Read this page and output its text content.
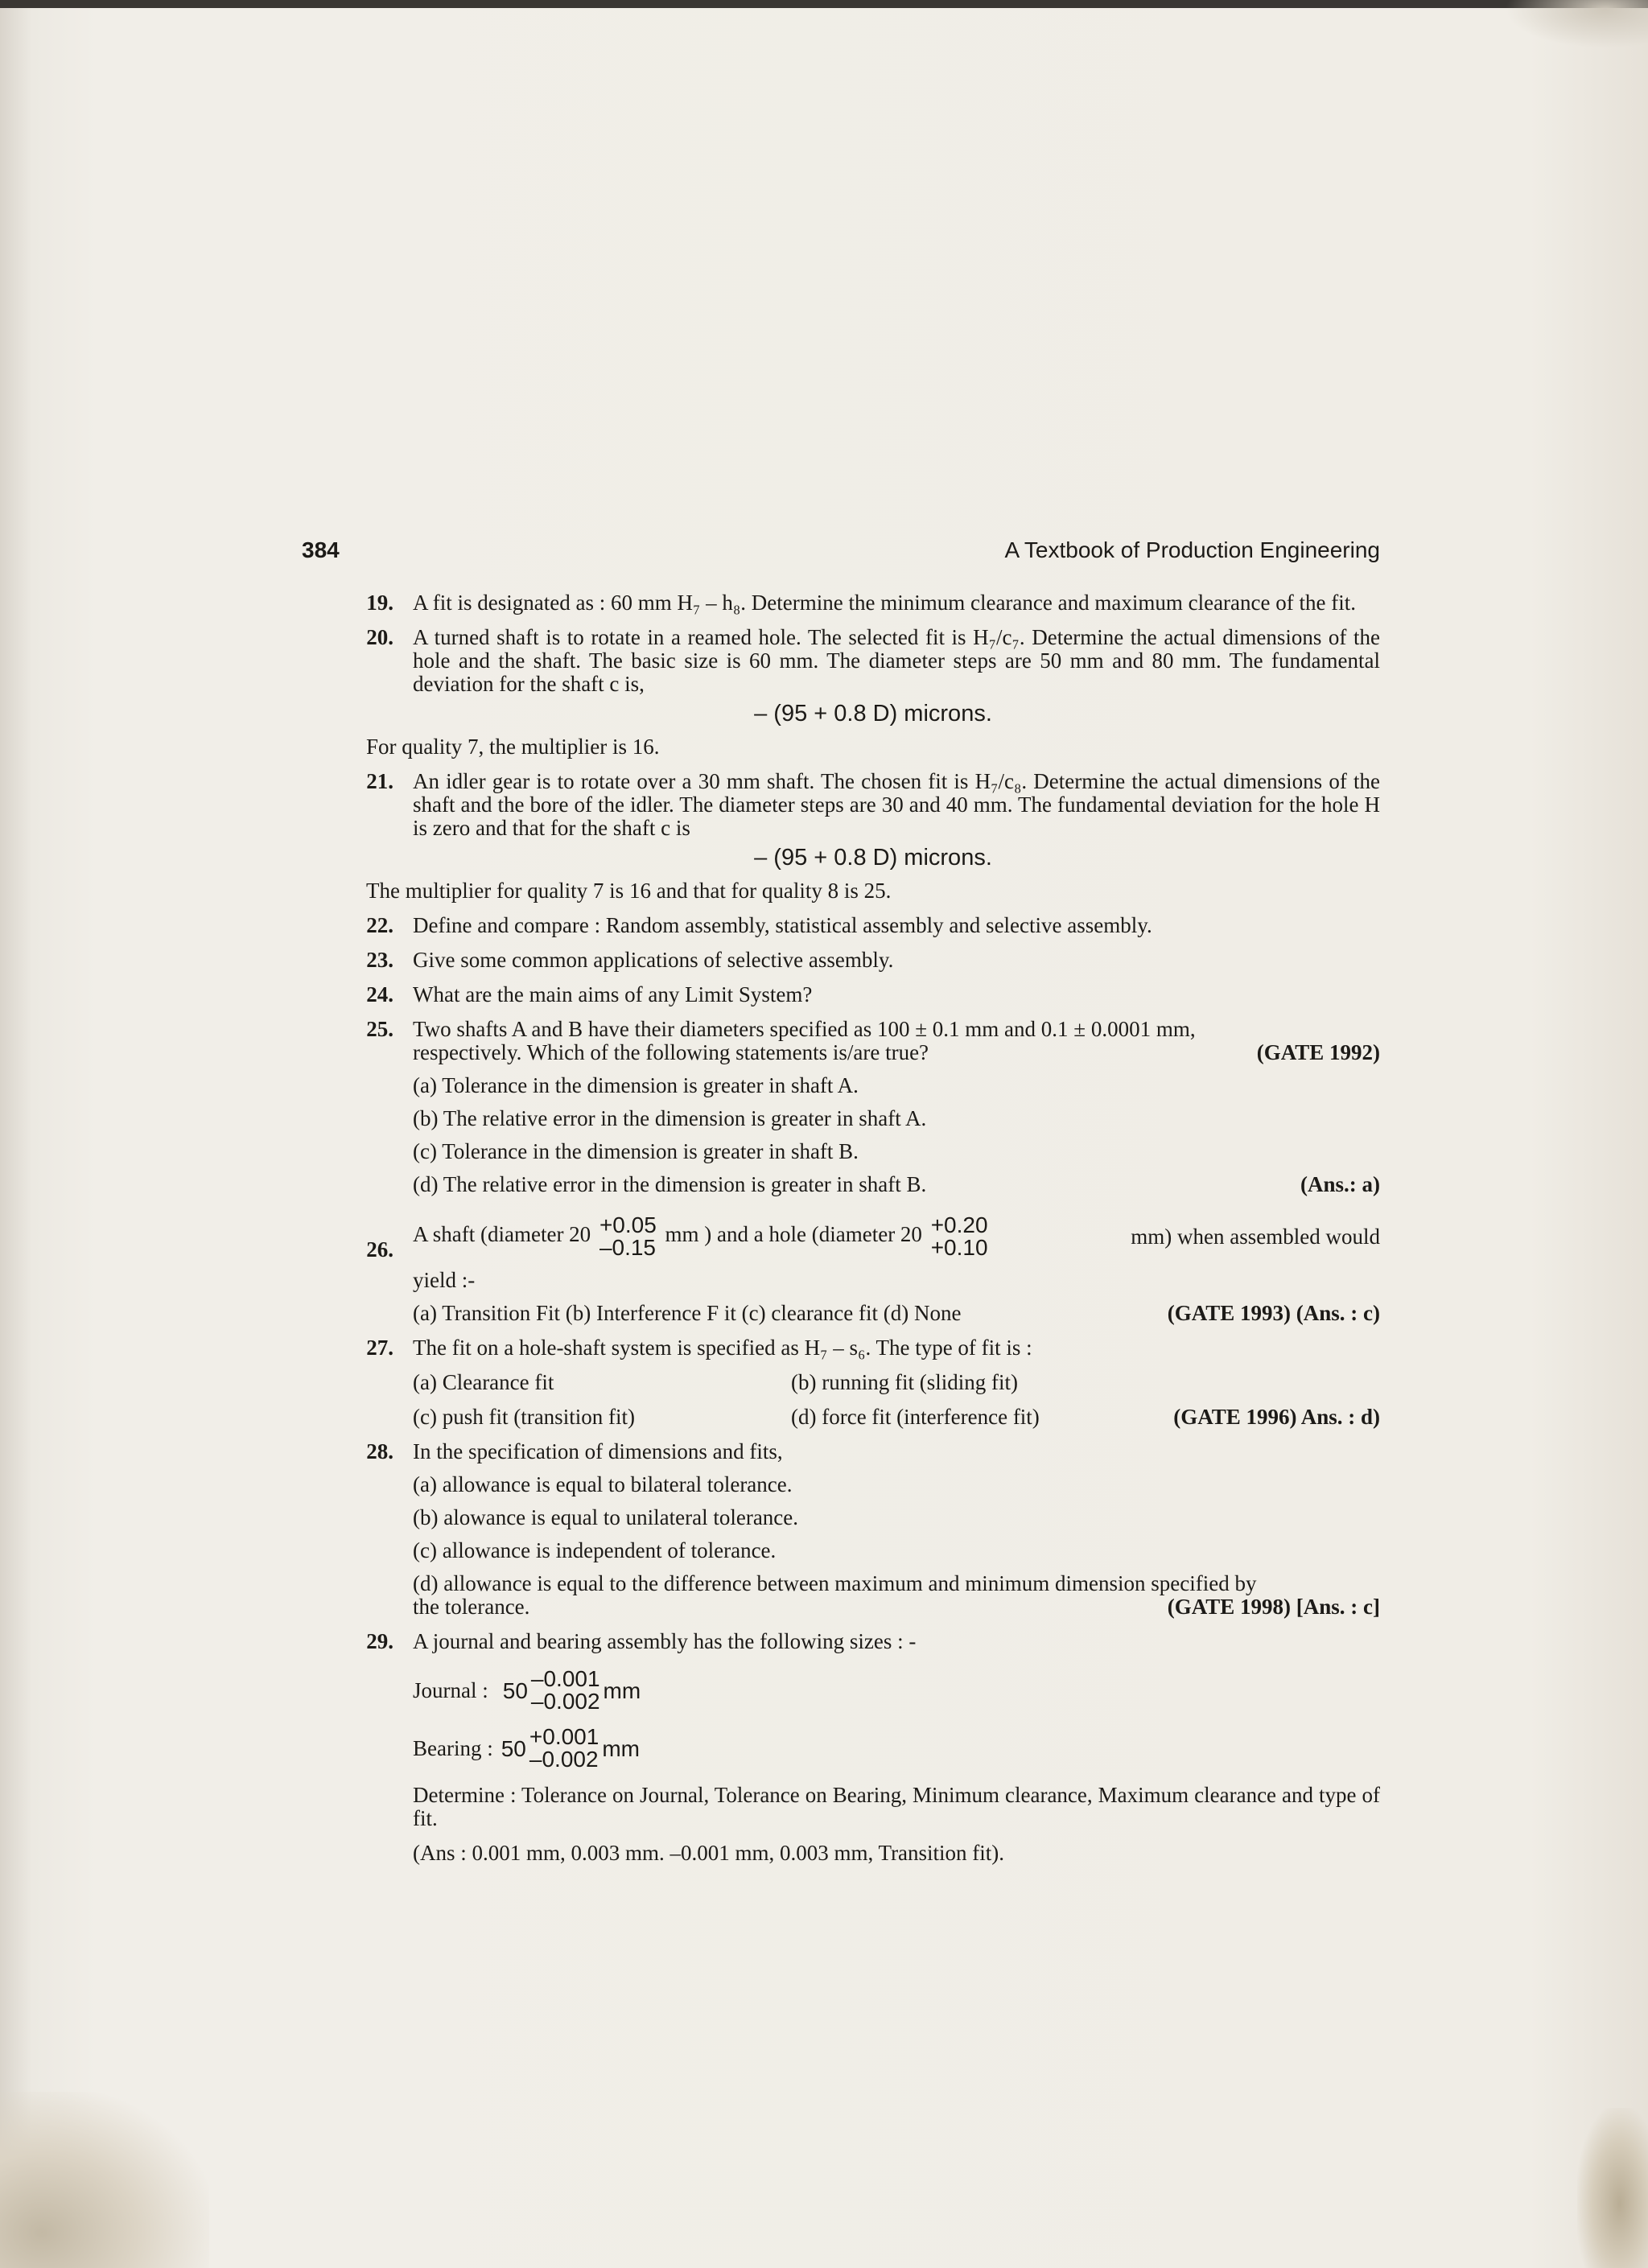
384	A Textbook of Production Engineering
19. A fit is designated as : 60 mm H₇ – h₈. Determine the minimum clearance and maximum clearance of the fit.
20. A turned shaft is to rotate in a reamed hole. The selected fit is H₇/c₇. Determine the actual dimensions of the hole and the shaft. The basic size is 60 mm. The diameter steps are 50 mm and 80 mm. The fundamental deviation for the shaft c is,
– (95 + 0.8 D) microns.
For quality 7, the multiplier is 16.
21. An idler gear is to rotate over a 30 mm shaft. The chosen fit is H₇/c₈. Determine the actual dimensions of the shaft and the bore of the idler. The diameter steps are 30 and 40 mm. The fundamental deviation for the hole H is zero and that for the shaft c is
– (95 + 0.8 D) microns.
The multiplier for quality 7 is 16 and that for quality 8 is 25.
22. Define and compare : Random assembly, statistical assembly and selective assembly.
23. Give some common applications of selective assembly.
24. What are the main aims of any Limit System?
25. Two shafts A and B have their diameters specified as 100 ± 0.1 mm and 0.1 ± 0.0001 mm,
respectively. Which of the following statements is/are true?	(GATE 1992)
(a) Tolerance in the dimension is greater in shaft A.
(b) The relative error in the dimension is greater in shaft A.
(c) Tolerance in the dimension is greater in shaft B.
(d) The relative error in the dimension is greater in shaft B.	(Ans.: a)
26.
A shaft (diameter 20 +0.05
–0.15
mm ) and a hole (diameter 20 +0.20
+0.10	mm) when assembled would
yield :-
(a) Transition Fit (b) Interference F it (c) clearance fit (d) None	(GATE 1993) (Ans. : c)
27. The fit on a hole-shaft system is specified as H₇ – s₆. The type of fit is :
(a) Clearance fit	(b) running fit (sliding fit)
(c) push fit (transition fit)	(d) force fit (interference fit)	(GATE 1996) Ans. : d)
28. In the specification of dimensions and fits,
(a) allowance is equal to bilateral tolerance.
(b) alowance is equal to unilateral tolerance.
(c) allowance is independent of tolerance.
(d) allowance is equal to the difference between maximum and minimum dimension specified by
the tolerance.	(GATE 1998) [Ans. : c]
29. A journal and bearing assembly has the following sizes : -
Journal : 50 –0.001
–0.002 mm
Bearing : 50 +0.001
–0.002 mm
Determine : Tolerance on Journal, Tolerance on Bearing, Minimum clearance, Maximum clearance and type of fit.
(Ans : 0.001 mm, 0.003 mm. –0.001 mm, 0.003 mm, Transition fit).
